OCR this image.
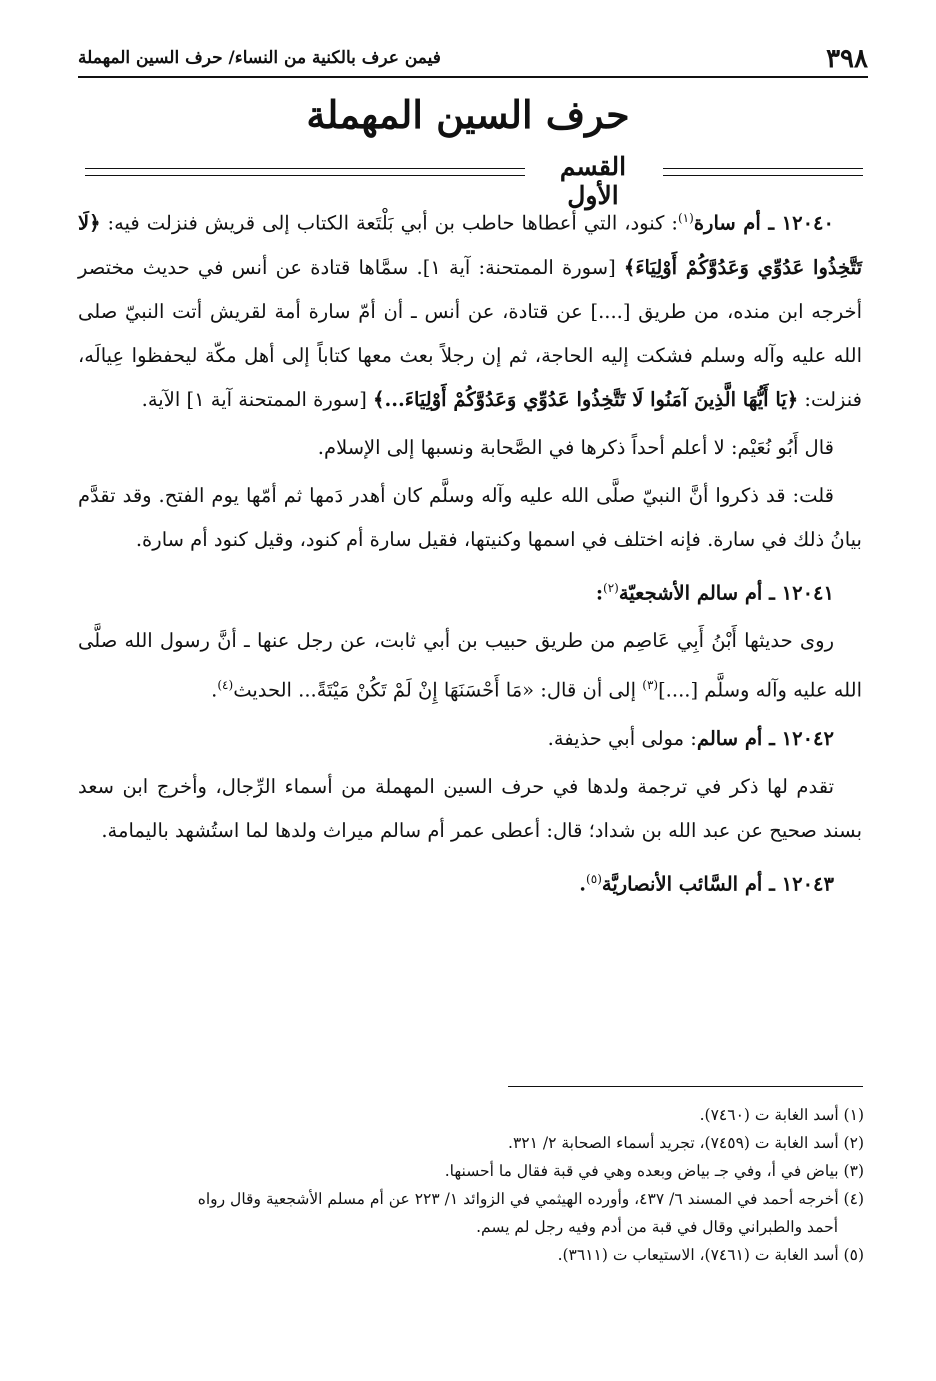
٣٩٨
فيمن عرف بالكنية من النساء/ حرف السين المهملة
حرف السين المهملة
القسم الأول

١٢٠٤٠ ـ أم سارة$^{(١)}$: كنود، التي أعطاها حاطب بن أبي بَلْتَعة الكتاب إلى قريش فنزلت فيه: ﴿لَا تَتَّخِذُوا عَدُوِّي وَعَدُوَّكُمْ أَوْلِيَاءَ﴾ [سورة الممتحنة: آية ١]. سمَّاها قتادة عن أنس في حديث مختصر أخرجه ابن منده، من طريق [....] عن قتادة، عن أنس ـ أن أمّ سارة أمة لقريش أتت النبيّ صلى الله عليه وآله وسلم فشكت إليه الحاجة، ثم إن رجلاً بعث معها كتاباً إلى أهل مكّة ليحفظوا عِيالَه، فنزلت: ﴿يَا أَيُّهَا الَّذِينَ آمَنُوا لَا تَتَّخِذُوا عَدُوِّي وَعَدُوَّكُمْ أَوْلِيَاءَ...﴾ [سورة الممتحنة آية ١] الآية.

قال أَبُو نُعَيْم: لا أعلم أحداً ذكرها في الصَّحابة ونسبها إلى الإسلام.

قلت: قد ذكروا أنَّ النبيّ صلَّى الله عليه وآله وسلَّم كان أهدر دَمها ثم أمّها يوم الفتح. وقد تقدَّم بيانُ ذلك في سارة. فإنه اختلف في اسمها وكنيتها، فقيل سارة أم كنود، وقيل كنود أم سارة.

١٢٠٤١ ـ أم سالم الأشجعيّة$^{(٢)}$:

روى حديثها أَبْنُ أَبِي عَاصِم من طريق حبيب بن أبي ثابت، عن رجل عنها ـ أنَّ رسول الله صلَّى الله عليه وآله وسلَّم [....]$^{(٣)}$ إلى أن قال: «مَا أَحْسَنَهَا إِنْ لَمْ تَكُنْ مَيْتَةً... الحديث$^{(٤)}$.

١٢٠٤٢ ـ أم سالم: مولى أبي حذيفة.

تقدم لها ذكر في ترجمة ولدها في حرف السين المهملة من أسماء الرِّجال، وأخرج ابن سعد بسند صحيح عن عبد الله بن شداد؛ قال: أعطى عمر أم سالم ميراث ولدها لما استُشهد باليمامة.

١٢٠٤٣ ـ أم السَّائب الأنصاريَّة$^{(٥)}$.

(١) أسد الغابة ت (٧٤٦٠).
(٢) أسد الغابة ت (٧٤٥٩)، تجريد أسماء الصحابة ٢/ ٣٢١.
(٣) بياض في أ، وفي جـ بياض وبعده وهي في قبة فقال ما أحسنها.
(٤) أخرجه أحمد في المسند ٦/ ٤٣٧، وأورده الهيثمي في الزوائد ١/ ٢٢٣ عن أم مسلم الأشجعية وقال رواه
أحمد والطبراني وقال في قبة من أدم وفيه رجل لم يسم.
(٥) أسد الغابة ت (٧٤٦١)، الاستيعاب ت (٣٦١١).
